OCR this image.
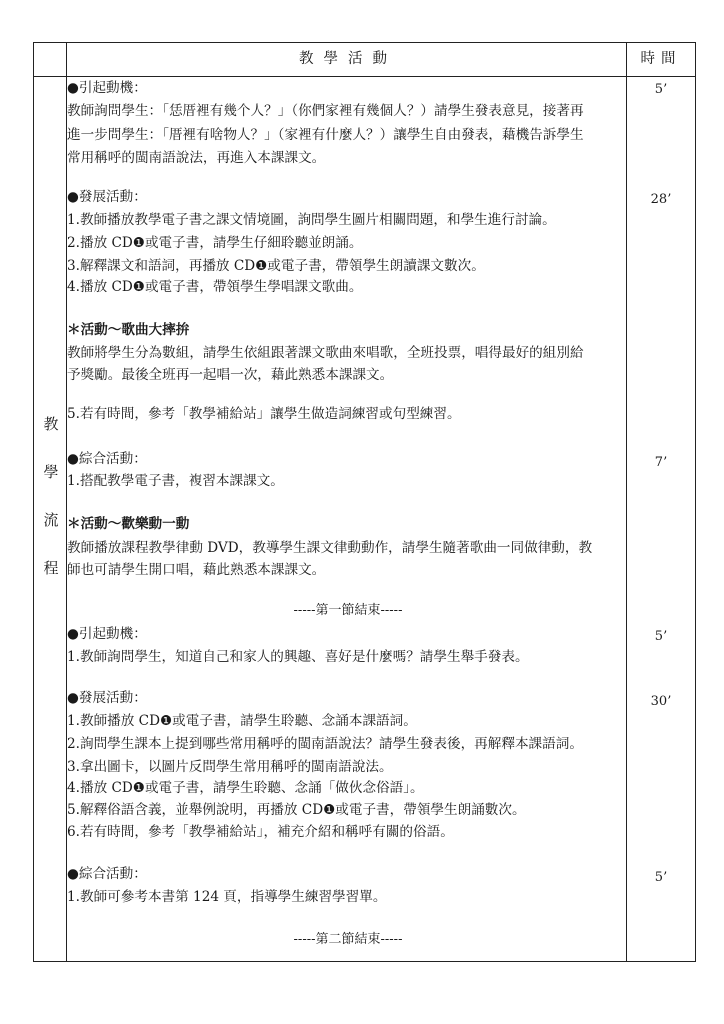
教學活動	時間
教
學
流
程
●引起動機：
教師詢問學生：「恁厝裡有幾个人？」（你們家裡有幾個人？）請學生發表意見，接著再
進一步問學生：「厝裡有啥物人？」（家裡有什麼人？）讓學生自由發表，藉機告訴學生
常用稱呼的閩南語說法，再進入本課課文。
●發展活動：
1.教師播放教學電子書之課文情境圖，詢問學生圖片相關問題，和學生進行討論。
2.播放 CD❶或電子書，請學生仔細聆聽並朗誦。
3.解釋課文和語詞，再播放 CD❶或電子書，帶領學生朗讀課文數次。
4.播放 CD❶或電子書，帶領學生學唱課文歌曲。
＊活動～歌曲大摔拚
教師將學生分為數組，請學生依組跟著課文歌曲來唱歌，全班投票，唱得最好的組別給
予獎勵。最後全班再一起唱一次，藉此熟悉本課課文。
5.若有時間，參考「教學補給站」讓學生做造詞練習或句型練習。
●綜合活動：
1.搭配教學電子書，複習本課課文。
＊活動～歡樂動一動
教師播放課程教學律動 DVD，教導學生課文律動動作，請學生隨著歌曲一同做律動，教
師也可請學生開口唱，藉此熟悉本課課文。
-----第一節結束-----
●引起動機：
1.教師詢問學生，知道自己和家人的興趣、喜好是什麼嗎？請學生舉手發表。
●發展活動：
1.教師播放 CD❶或電子書，請學生聆聽、念誦本課語詞。
2.詢問學生課本上提到哪些常用稱呼的閩南語說法？請學生發表後，再解釋本課語詞。
3.拿出圖卡，以圖片反問學生常用稱呼的閩南語說法。
4.播放 CD❶或電子書，請學生聆聽、念誦「做伙念俗語」。
5.解釋俗語含義，並舉例說明，再播放 CD❶或電子書，帶領學生朗誦數次。
6.若有時間，參考「教學補給站」，補充介紹和稱呼有關的俗語。
●綜合活動：
1.教師可參考本書第 124 頁，指導學生練習學習單。
-----第二節結束-----
5’
28’
7’
5’
30’
5’
